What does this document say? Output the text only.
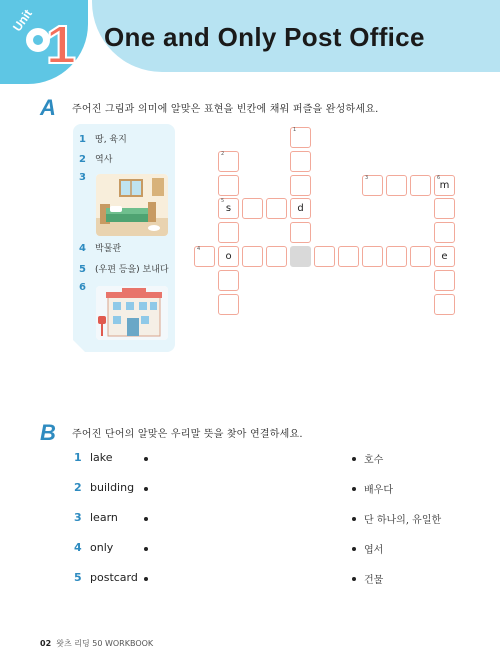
Unit 1 One and Only Post Office
A 주어진 그림과 의미에 알맞은 표현을 빈칸에 채워 퍼즐을 완성하세요.
1 땅, 육지
2 역사
3
4 박물관
5 (우편 등을) 보내다
6
1
d
2
5
s
3	6
m
4
o	e
B 주어진 단어의 알맞은 우리말 뜻을 찾아 연결하세요.
1 lake
2 building
3 learn
4 only
5 postcard
호수
배우다
단 하나의, 유일한
엽서
건물
02 왓츠 리딩 50 WORKBOOK
